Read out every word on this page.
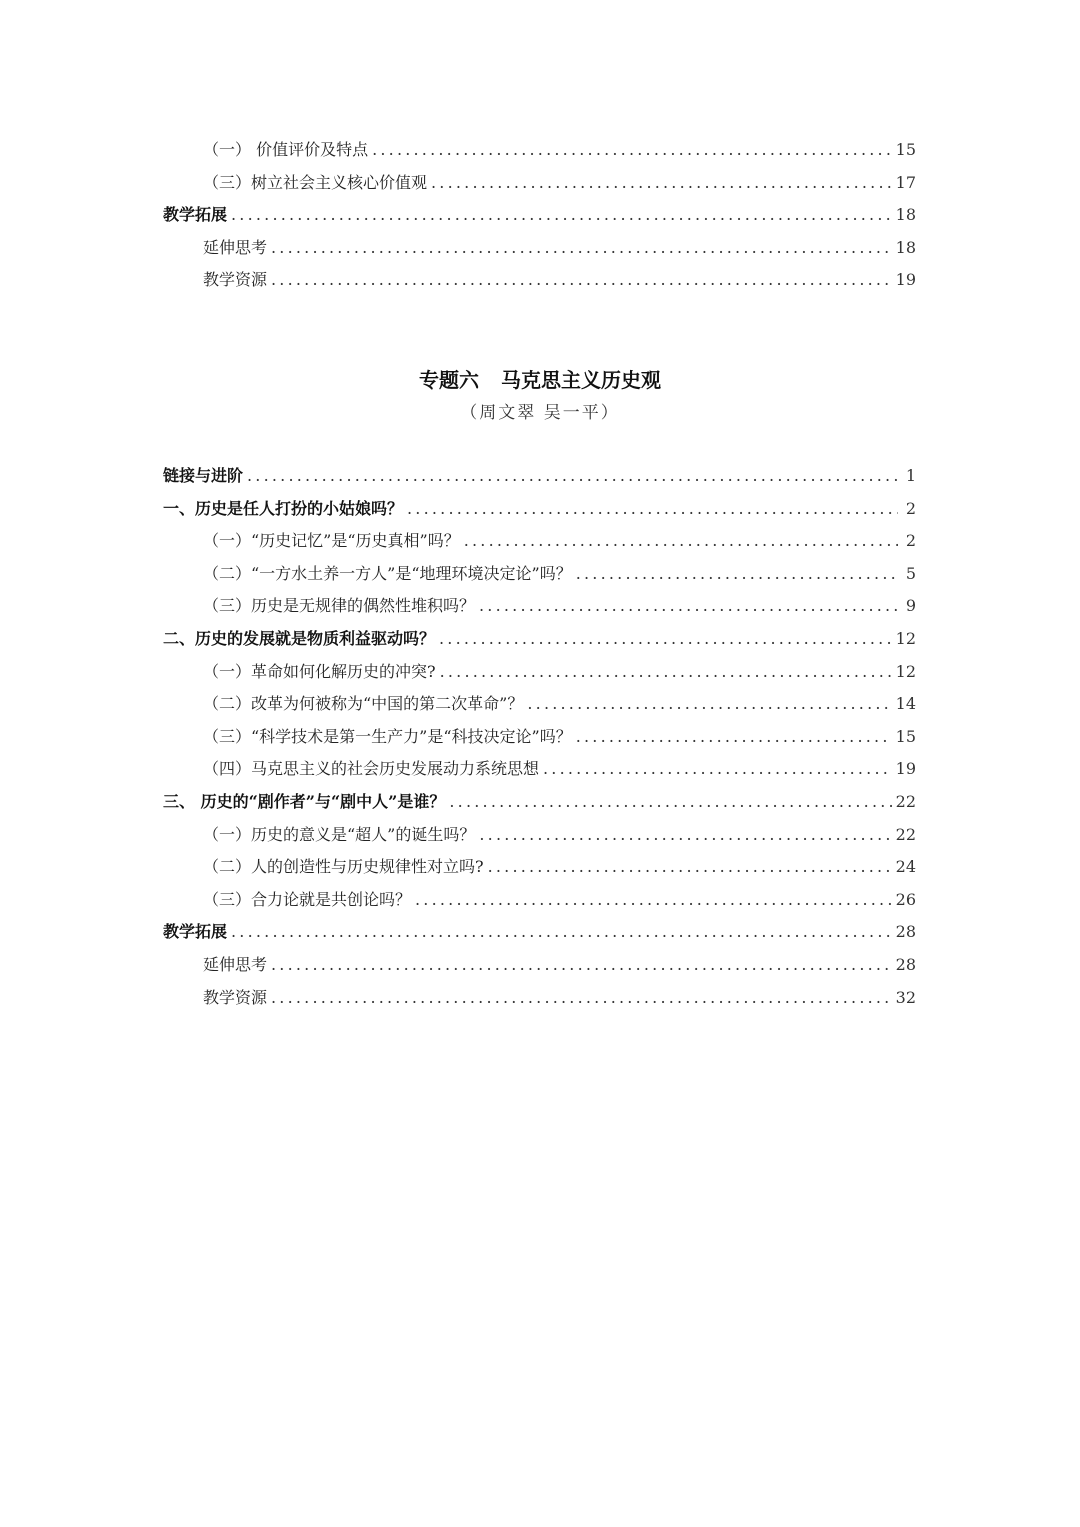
（一） 价值评价及特点 .....	15
（三）树立社会主义核心价值观 .....	17
教学拓展 .....	18
延伸思考 .....	18
教学资源 .....	19
专题六 马克思主义历史观
（周文翠 吴一平）
链接与进阶 .....	1
一、历史是任人打扮的小姑娘吗？ .....	2
（一）“历史记忆”是“历史真相”吗？ .....	2
（二）“一方水土养一方人”是“地理环境决定论”吗？ .....	5
（三）历史是无规律的偶然性堆积吗？ .....	9
二、历史的发展就是物质利益驱动吗？ .....	12
（一）革命如何化解历史的冲突? .....	12
（二）改革为何被称为“中国的第二次革命”？ .....	14
（三）“科学技术是第一生产力”是“科技决定论”吗？ .....	15
（四）马克思主义的社会历史发展动力系统思想 .....	19
三、 历史的“剧作者”与“剧中人”是谁？ .....	22
（一）历史的意义是“超人”的诞生吗？ .....	22
（二）人的创造性与历史规律性对立吗? .....	24
（三）合力论就是共创论吗？ .....	26
教学拓展 .....	28
延伸思考 .....	28
教学资源 .....	32
